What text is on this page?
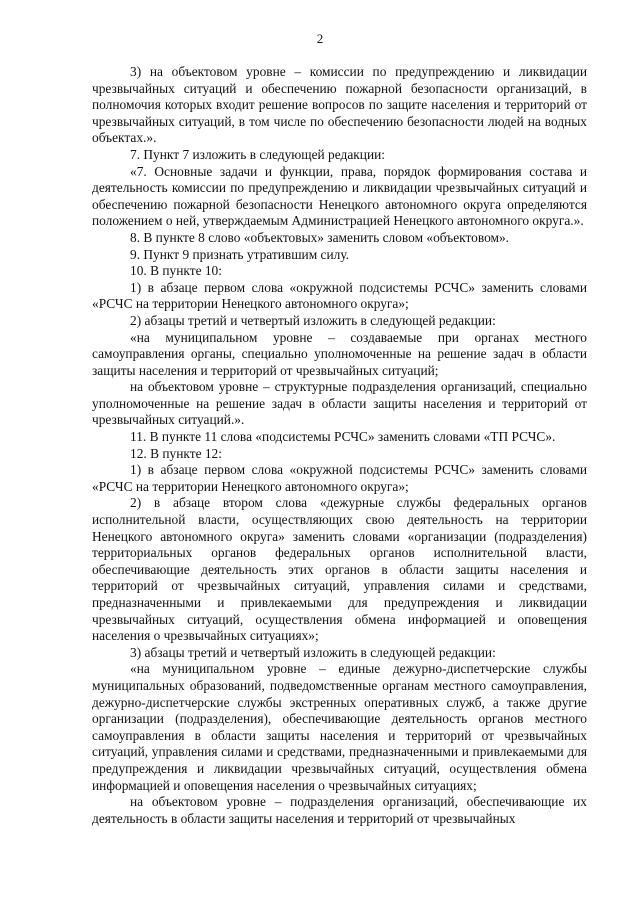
2

3) на объектовом уровне – комиссии по предупреждению и ликвидации чрезвычайных ситуаций и обеспечению пожарной безопасности организаций, в полномочия которых входит решение вопросов по защите населения и территорий от чрезвычайных ситуаций, в том числе по обеспечению безопасности людей на водных объектах.».

7. Пункт 7 изложить в следующей редакции:

«7. Основные задачи и функции, права, порядок формирования состава и деятельность комиссии по предупреждению и ликвидации чрезвычайных ситуаций и обеспечению пожарной безопасности Ненецкого автономного округа определяются положением о ней, утверждаемым Администрацией Ненецкого автономного округа.».

8. В пункте 8 слово «объектовых» заменить словом «объектовом».

9. Пункт 9 признать утратившим силу.

10. В пункте 10:

1) в абзаце первом слова «окружной подсистемы РСЧС» заменить словами «РСЧС на территории Ненецкого автономного округа»;

2) абзацы третий и четвертый изложить в следующей редакции:

«на муниципальном уровне – создаваемые при органах местного самоуправления органы, специально уполномоченные на решение задач в области защиты населения и территорий от чрезвычайных ситуаций;

на объектовом уровне – структурные подразделения организаций, специально уполномоченные на решение задач в области защиты населения и территорий от чрезвычайных ситуаций.».

11. В пункте 11 слова «подсистемы РСЧС» заменить словами «ТП РСЧС».

12. В пункте 12:

1) в абзаце первом слова «окружной подсистемы РСЧС» заменить словами «РСЧС на территории Ненецкого автономного округа»;

2) в абзаце втором слова «дежурные службы федеральных органов исполнительной власти, осуществляющих свою деятельность на территории Ненецкого автономного округа» заменить словами «организации (подразделения) территориальных органов федеральных органов исполнительной власти, обеспечивающие деятельность этих органов в области защиты населения и территорий от чрезвычайных ситуаций, управления силами и средствами, предназначенными и привлекаемыми для предупреждения и ликвидации чрезвычайных ситуаций, осуществления обмена информацией и оповещения населения о чрезвычайных ситуациях»;

3) абзацы третий и четвертый изложить в следующей редакции:

«на муниципальном уровне – единые дежурно-диспетчерские службы муниципальных образований, подведомственные органам местного самоуправления, дежурно-диспетчерские службы экстренных оперативных служб, а также другие организации (подразделения), обеспечивающие деятельность органов местного самоуправления в области защиты населения и территорий от чрезвычайных ситуаций, управления силами и средствами, предназначенными и привлекаемыми для предупреждения и ликвидации чрезвычайных ситуаций, осуществления обмена информацией и оповещения населения о чрезвычайных ситуациях;

на объектовом уровне – подразделения организаций, обеспечивающие их деятельность в области защиты населения и территорий от чрезвычайных
